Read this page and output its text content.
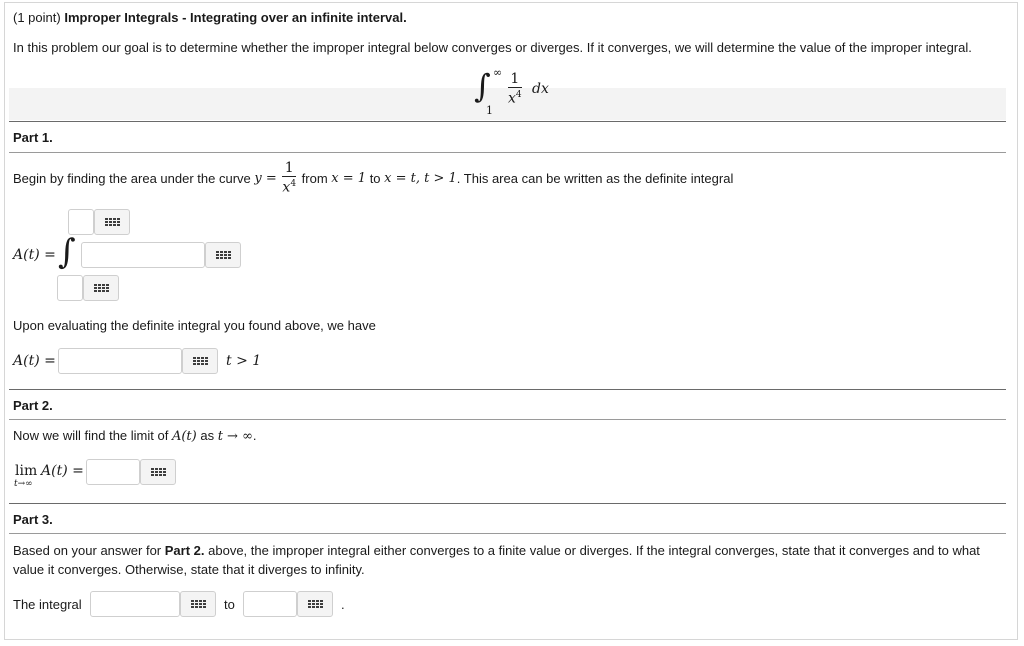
(1 point) Improper Integrals - Integrating over an infinite interval.
In this problem our goal is to determine whether the improper integral below converges or diverges. If it converges, we will determine the value of the improper integral.
∫ ∞
1
$\frac{1}{x^4}$ dx
Part 1.
Begin by finding the area under the curve
y =
$\frac{1}{x^4}$
from
x = 1
to
x = t, t > 1 . This area can be written as the definite integral
A(t) = ∫
Upon evaluating the definite integral you found above, we have
A(t) =	t > 1
Part 2.
Now we will find the limit of A(t) as t → ∞.
lim
t→∞
A(t) =
Part 3.
Based on your answer for Part 2. above, the improper integral either converges to a finite value or diverges. If the integral converges, state that it converges and to what
value it converges. Otherwise, state that it diverges to infinity.
The integral	to	.
